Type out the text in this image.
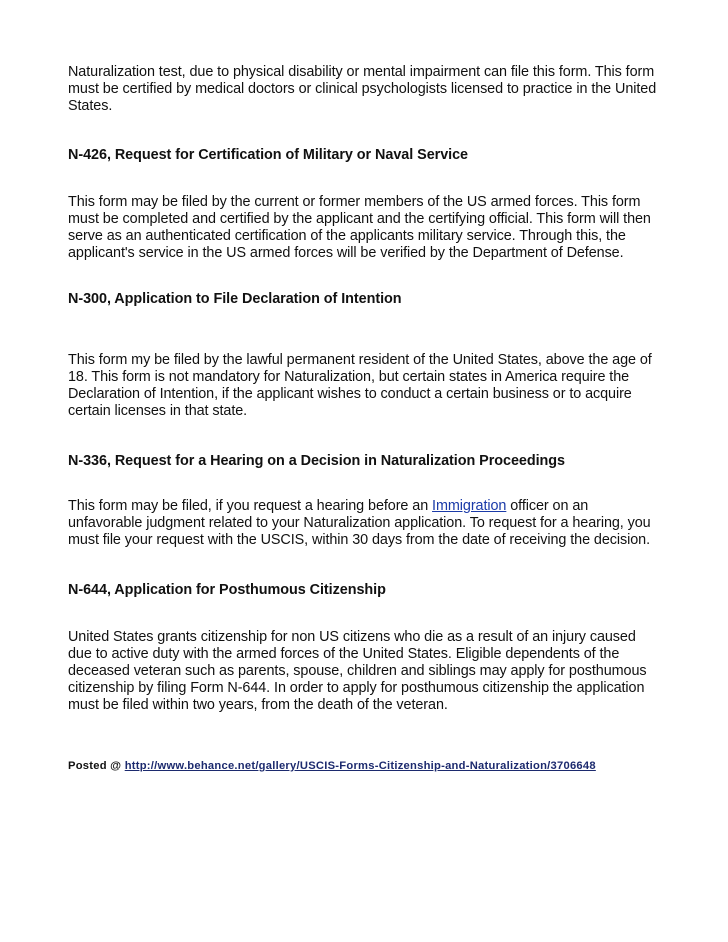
Naturalization test, due to physical disability or mental impairment can file this form. This form
must be certified by medical doctors or clinical psychologists licensed to practice in the United
States.

N-426, Request for Certification of Military or Naval Service

This form may be filed by the current or former members of the US armed forces. This form
must be completed and certified by the applicant and the certifying official. This form will then
serve as an authenticated certification of the applicants military service. Through this, the
applicant's service in the US armed forces will be verified by the Department of Defense.

N-300, Application to File Declaration of Intention

This form my be filed by the lawful permanent resident of the United States, above the age of
18. This form is not mandatory for Naturalization, but certain states in America require the
Declaration of Intention, if the applicant wishes to conduct a certain business or to acquire
certain licenses in that state.

N-336, Request for a Hearing on a Decision in Naturalization Proceedings

This form may be filed, if you request a hearing before an Immigration officer on an
unfavorable judgment related to your Naturalization application. To request for a hearing, you
must file your request with the USCIS, within 30 days from the date of receiving the decision.

N-644, Application for Posthumous Citizenship

United States grants citizenship for non US citizens who die as a result of an injury caused
due to active duty with the armed forces of the United States. Eligible dependents of the
deceased veteran such as parents, spouse, children and siblings may apply for posthumous
citizenship by filing Form N-644. In order to apply for posthumous citizenship the application
must be filed within two years, from the death of the veteran.

Posted @ http://www.behance.net/gallery/USCIS-Forms-Citizenship-and-Naturalization/3706648
